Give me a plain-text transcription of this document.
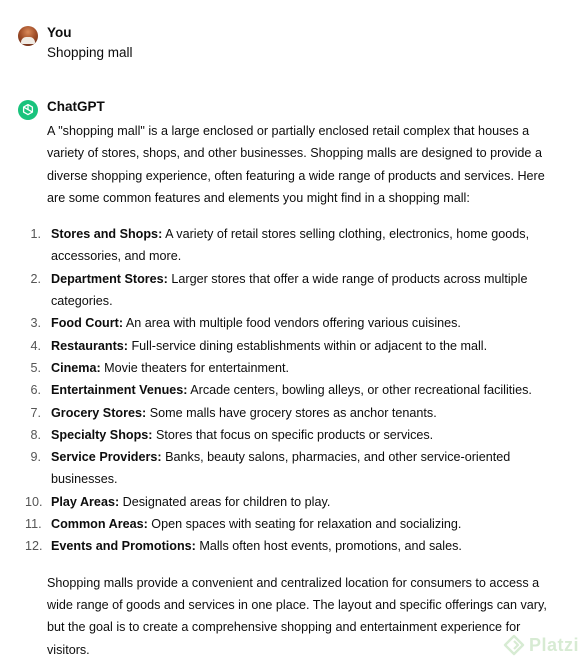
You
Shopping mall
ChatGPT

A "shopping mall" is a large enclosed or partially enclosed retail complex that houses a variety of stores, shops, and other businesses. Shopping malls are designed to provide a diverse shopping experience, often featuring a wide range of products and services. Here are some common features and elements you might find in a shopping mall:

1. Stores and Shops: A variety of retail stores selling clothing, electronics, home goods, accessories, and more.
2. Department Stores: Larger stores that offer a wide range of products across multiple categories.
3. Food Court: An area with multiple food vendors offering various cuisines.
4. Restaurants: Full-service dining establishments within or adjacent to the mall.
5. Cinema: Movie theaters for entertainment.
6. Entertainment Venues: Arcade centers, bowling alleys, or other recreational facilities.
7. Grocery Stores: Some malls have grocery stores as anchor tenants.
8. Specialty Shops: Stores that focus on specific products or services.
9. Service Providers: Banks, beauty salons, pharmacies, and other service-oriented businesses.
10. Play Areas: Designated areas for children to play.
11. Common Areas: Open spaces with seating for relaxation and socializing.
12. Events and Promotions: Malls often host events, promotions, and sales.

Shopping malls provide a convenient and centralized location for consumers to access a wide range of goods and services in one place. The layout and specific offerings can vary, but the goal is to create a comprehensive shopping and entertainment experience for visitors.	Platzi
